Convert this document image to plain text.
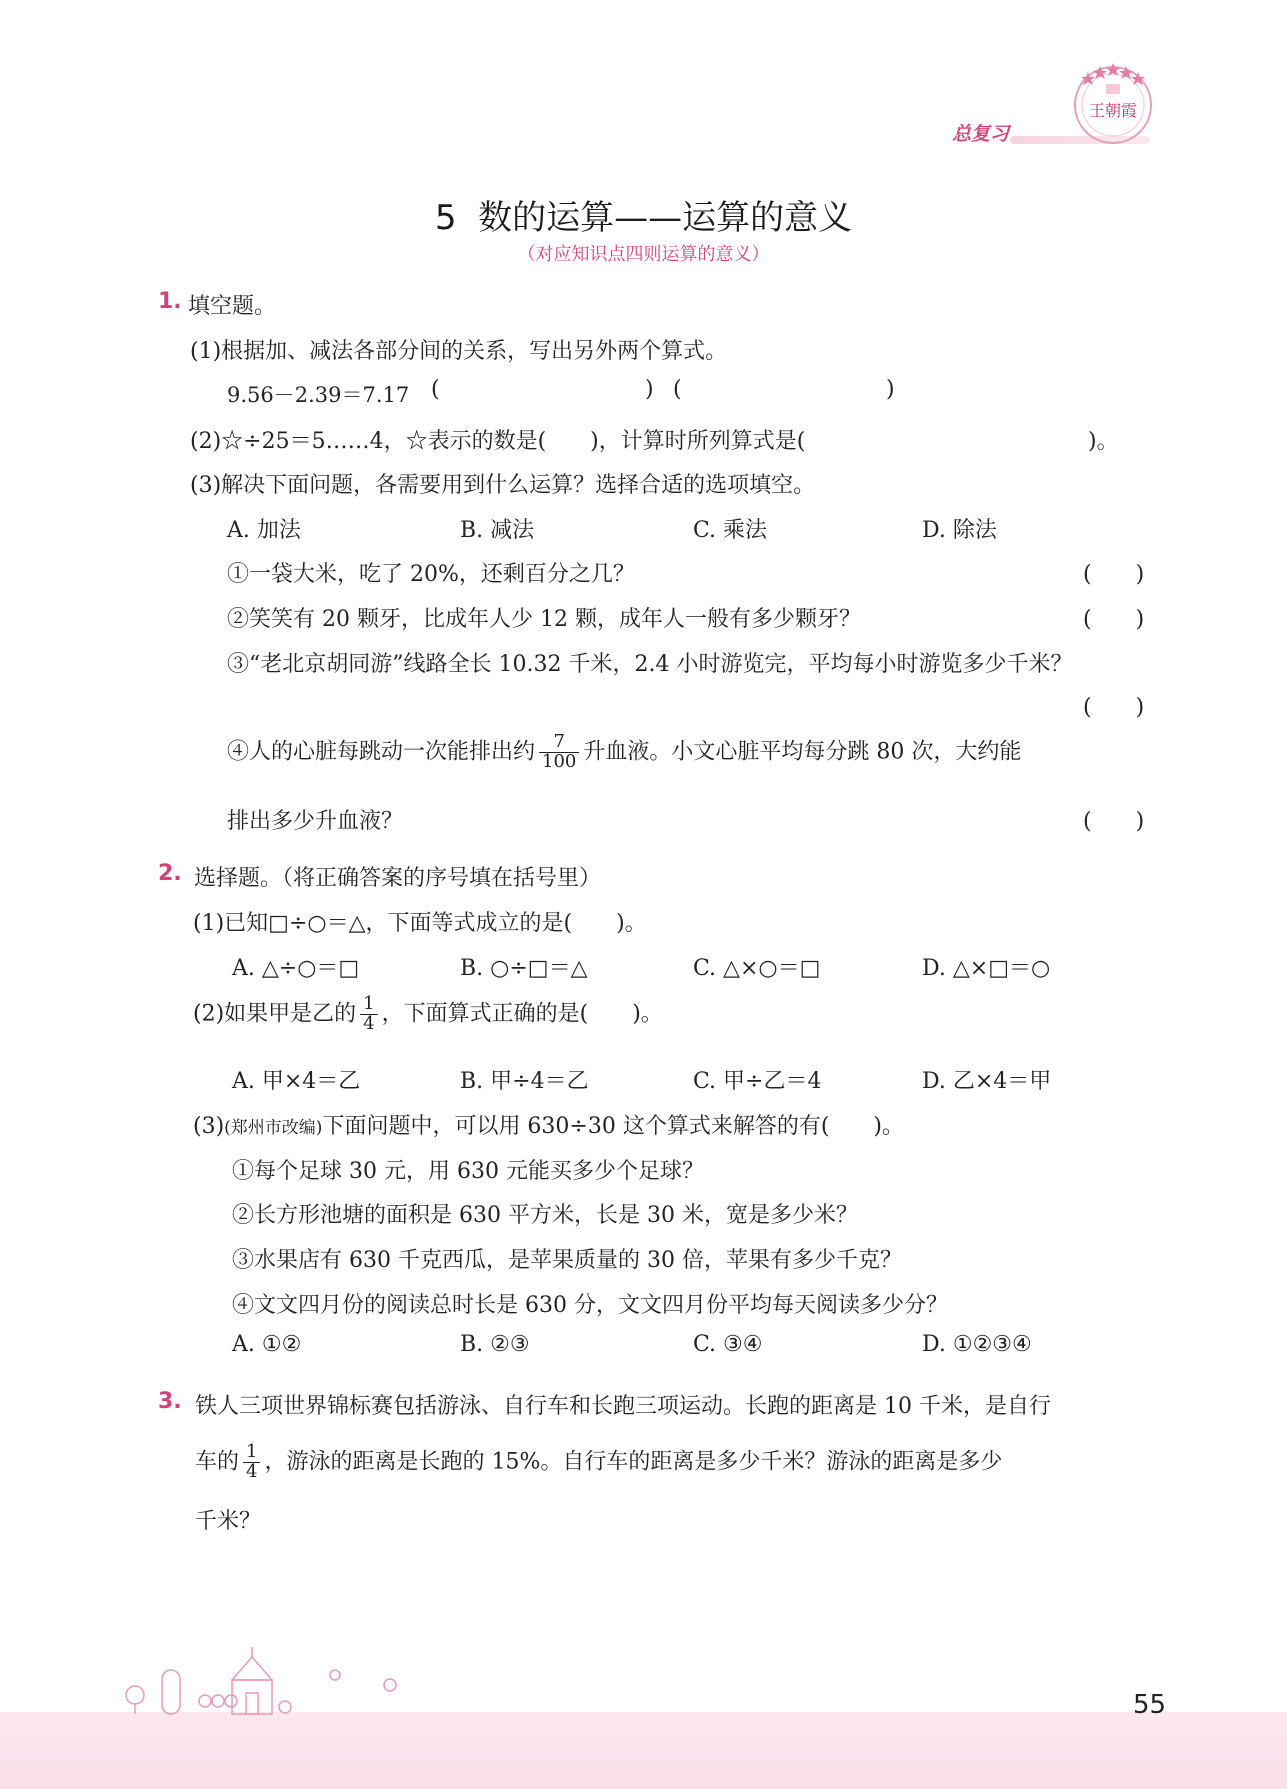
总复习
王朝霞
5  数的运算——运算的意义
（对应知识点四则运算的意义）
1. 填空题。
(1)根据加、减法各部分间的关系，写出另外两个算式。
9.56－2.39＝7.17 (	) (	)
(2)☆÷25＝5……4，☆表示的数是(　　)，计算时所列算式是(	)。
(3)解决下面问题，各需要用到什么运算？选择合适的选项填空。
A. 加法	B. 减法	C. 乘法	D. 除法
①一袋大米，吃了 20%，还剩百分之几？	(　　)
②笑笑有 20 颗牙，比成年人少 12 颗，成年人一般有多少颗牙？	(　　)
③“老北京胡同游”线路全长 10.32 千米，2.4 小时游览完，平均每小时游览多少千米？
(　　)
④人的心脏每跳动一次能排出约 $\frac{7}{100}$ 升血液。小文心脏平均每分跳 80 次，大约能
排出多少升血液？	(　　)
2. 选择题。（将正确答案的序号填在括号里）
(1)已知□÷○＝△，下面等式成立的是(　　)。
A. △÷○＝□	B. ○÷□＝△	C. △×○＝□	D. △×□＝○
(2)如果甲是乙的 $\frac{1}{4}$ ，下面算式正确的是(　　)。
A. 甲×4＝乙	B. 甲÷4＝乙	C. 甲÷乙＝4	D. 乙×4＝甲
(3)(郑州市改编)下面问题中，可以用 630÷30 这个算式来解答的有(　　)。
①每个足球 30 元，用 630 元能买多少个足球？
②长方形池塘的面积是 630 平方米，长是 30 米，宽是多少米？
③水果店有 630 千克西瓜，是苹果质量的 30 倍，苹果有多少千克？
④文文四月份的阅读总时长是 630 分，文文四月份平均每天阅读多少分？
A. ①②	B. ②③	C. ③④	D. ①②③④
3. 铁人三项世界锦标赛包括游泳、自行车和长跑三项运动。长跑的距离是 10 千米，是自行
车的 $\frac{1}{4}$ ，游泳的距离是长跑的 15%。自行车的距离是多少千米？游泳的距离是多少
千米？
55
